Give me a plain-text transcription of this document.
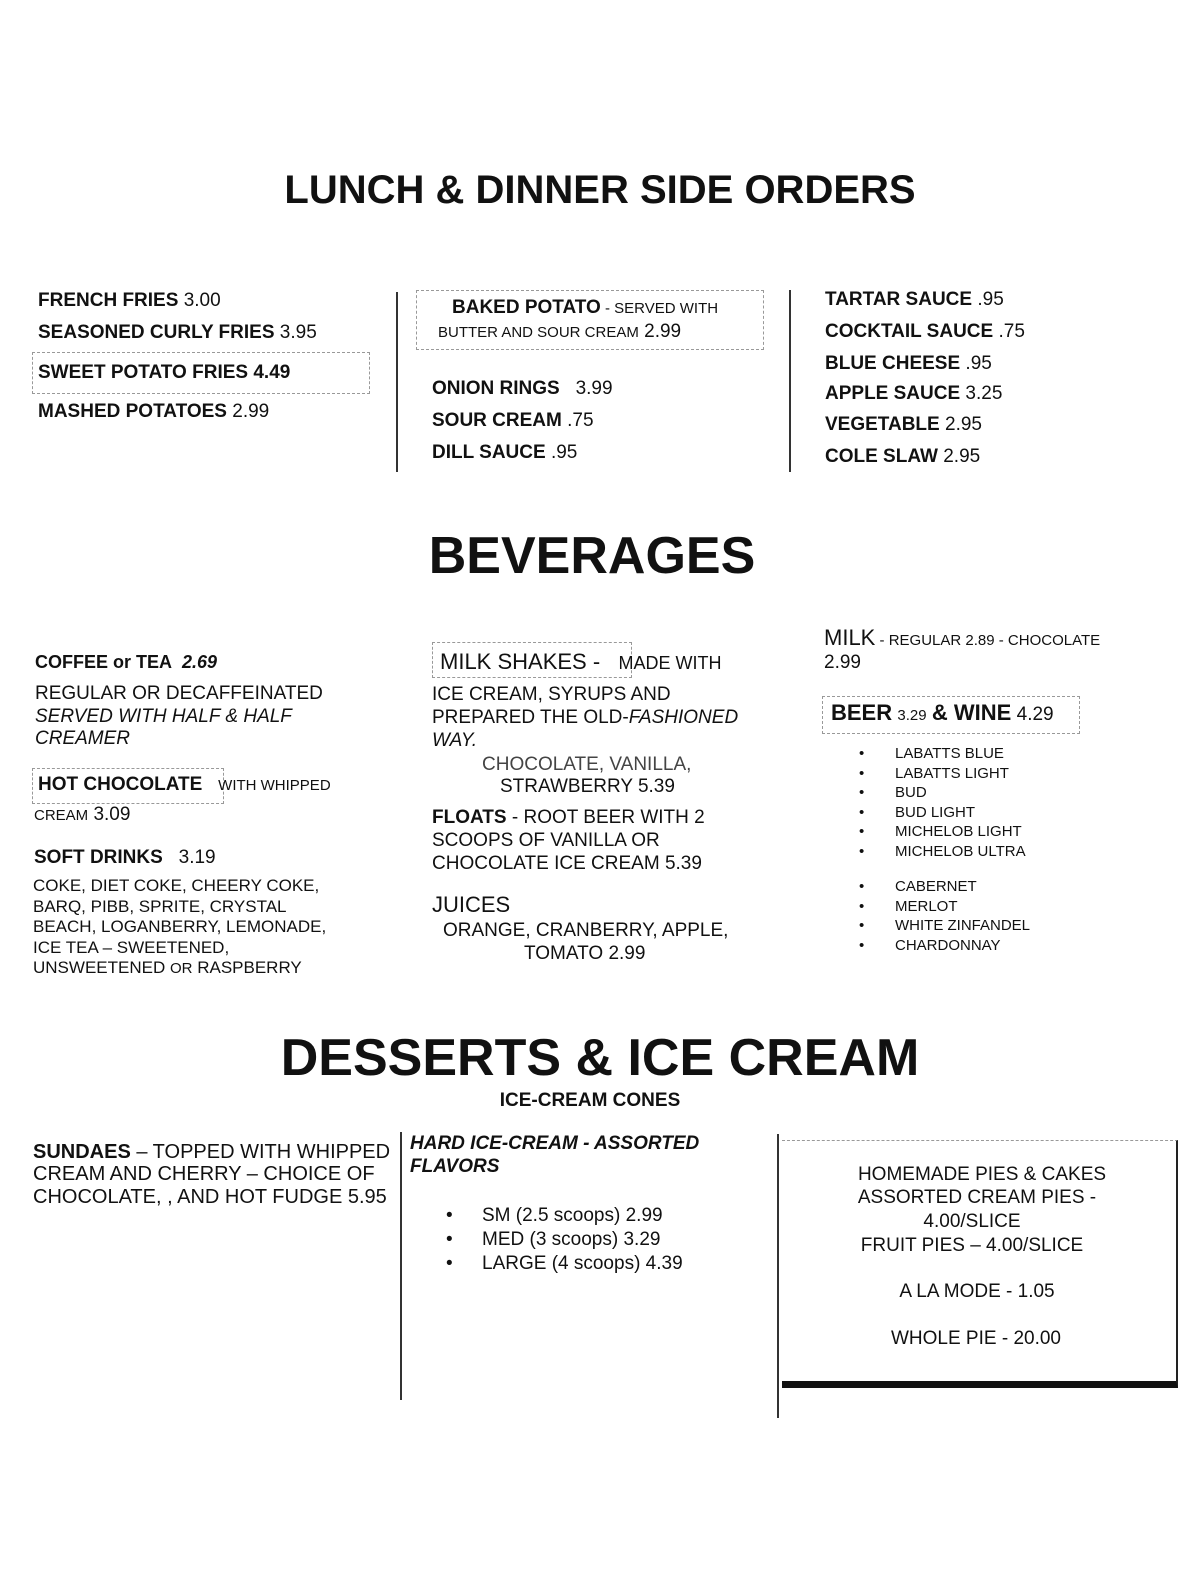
LUNCH & DINNER SIDE ORDERS
FRENCH FRIES 3.00
SEASONED CURLY FRIES 3.95
SWEET POTATO FRIES 4.49
MASHED POTATOES 2.99
BAKED POTATO - SERVED WITH
BUTTER AND SOUR CREAM 2.99
ONION RINGS 3.99
SOUR CREAM .75
DILL SAUCE .95
TARTAR SAUCE .95
COCKTAIL SAUCE .75
BLUE CHEESE .95
APPLE SAUCE 3.25
VEGETABLE 2.95
COLE SLAW 2.95
BEVERAGES
COFFEE or TEA 2.69
REGULAR OR DECAFFEINATED
SERVED WITH HALF & HALF
CREAMER
HOT CHOCOLATE WITH WHIPPED
CREAM 3.09
SOFT DRINKS 3.19
COKE, DIET COKE, CHEERY COKE,
BARQ, PIBB, SPRITE, CRYSTAL
BEACH, LOGANBERRY, LEMONADE,
ICE TEA – SWEETENED,
UNSWEETENED OR RASPBERRY
MILK SHAKES - MADE WITH
ICE CREAM, SYRUPS AND
PREPARED THE OLD-FASHIONED
WAY.
CHOCOLATE, VANILLA,
STRAWBERRY 5.39
FLOATS - ROOT BEER WITH 2
SCOOPS OF VANILLA OR
CHOCOLATE ICE CREAM 5.39
JUICES
ORANGE, CRANBERRY, APPLE,
TOMATO 2.99
MILK - REGULAR 2.89 - CHOCOLATE
2.99
BEER 3.29 & WINE 4.29
• LABATTS BLUE
• LABATTS LIGHT
• BUD
• BUD LIGHT
• MICHELOB LIGHT
• MICHELOB ULTRA
• CABERNET
• MERLOT
• WHITE ZINFANDEL
• CHARDONNAY
DESSERTS & ICE CREAM
ICE-CREAM CONES
SUNDAES – TOPPED WITH WHIPPED
CREAM AND CHERRY – CHOICE OF
CHOCOLATE, , AND HOT FUDGE 5.95
HARD ICE-CREAM - ASSORTED
FLAVORS
• SM (2.5 scoops) 2.99
• MED (3 scoops) 3.29
• LARGE (4 scoops) 4.39
HOMEMADE PIES & CAKES
ASSORTED CREAM PIES -
4.00/SLICE
FRUIT PIES – 4.00/SLICE
A LA MODE - 1.05
WHOLE PIE - 20.00
